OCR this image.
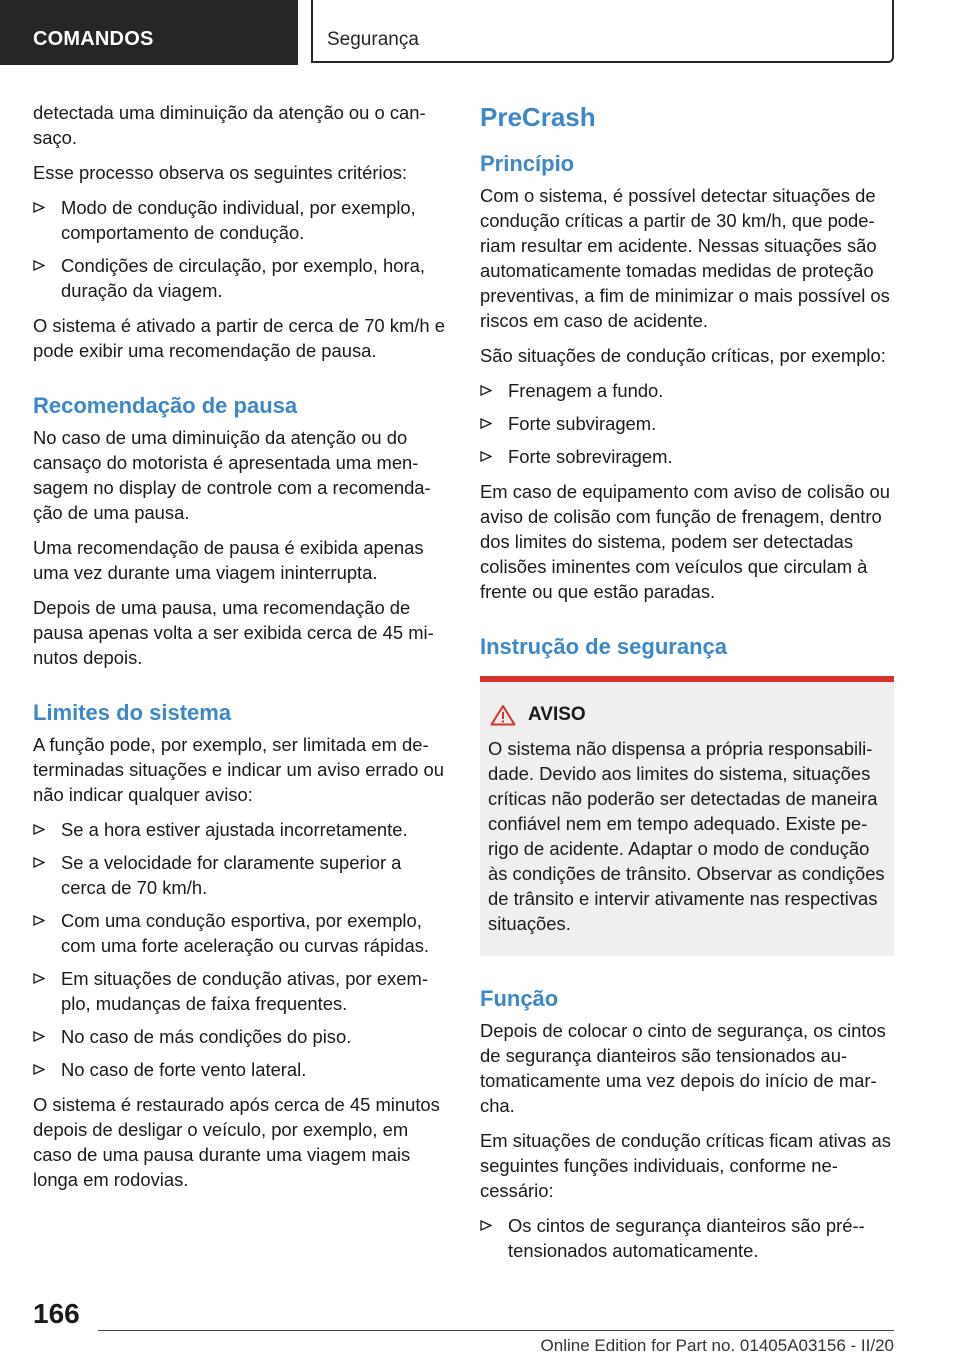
COMANDOS	Segurança

detectada uma diminuição da atenção ou o cansaço.

Esse processo observa os seguintes critérios:

Modo de condução individual, por exemplo, comportamento de condução.
Condições de circulação, por exemplo, hora, duração da viagem.

O sistema é ativado a partir de cerca de 70 km/h e pode exibir uma recomendação de pausa.

Recomendação de pausa

No caso de uma diminuição da atenção ou do cansaço do motorista é apresentada uma mensagem no display de controle com a recomendação de uma pausa.

Uma recomendação de pausa é exibida apenas uma vez durante uma viagem ininterrupta.

Depois de uma pausa, uma recomendação de pausa apenas volta a ser exibida cerca de 45 minutos depois.

Limites do sistema

A função pode, por exemplo, ser limitada em determinadas situações e indicar um aviso errado ou não indicar qualquer aviso:

Se a hora estiver ajustada incorretamente.
Se a velocidade for claramente superior a cerca de 70 km/h.
Com uma condução esportiva, por exemplo, com uma forte aceleração ou curvas rápidas.
Em situações de condução ativas, por exemplo, mudanças de faixa frequentes.
No caso de más condições do piso.
No caso de forte vento lateral.

O sistema é restaurado após cerca de 45 minutos depois de desligar o veículo, por exemplo, em caso de uma pausa durante uma viagem mais longa em rodovias.

PreCrash
Princípio

Com o sistema, é possível detectar situações de condução críticas a partir de 30 km/h, que poderiam resultar em acidente. Nessas situações são automaticamente tomadas medidas de proteção preventivas, a fim de minimizar o mais possível os riscos em caso de acidente.

São situações de condução críticas, por exemplo:

Frenagem a fundo.
Forte subviragem.
Forte sobreviragem.

Em caso de equipamento com aviso de colisão ou aviso de colisão com função de frenagem, dentro dos limites do sistema, podem ser detectadas colisões iminentes com veículos que circulam à frente ou que estão paradas.

Instrução de segurança
AVISO

O sistema não dispensa a própria responsabilidade. Devido aos limites do sistema, situações críticas não poderão ser detectadas de maneira confiável nem em tempo adequado. Existe perigo de acidente. Adaptar o modo de condução às condições de trânsito. Observar as condições de trânsito e intervir ativamente nas respectivas situações.

Função

Depois de colocar o cinto de segurança, os cintos de segurança dianteiros são tensionados automaticamente uma vez depois do início de marcha.

Em situações de condução críticas ficam ativas as seguintes funções individuais, conforme necessário:

Os cintos de segurança dianteiros são pré-tensionados automaticamente.
166
Online Edition for Part no. 01405A03156 - II/20
